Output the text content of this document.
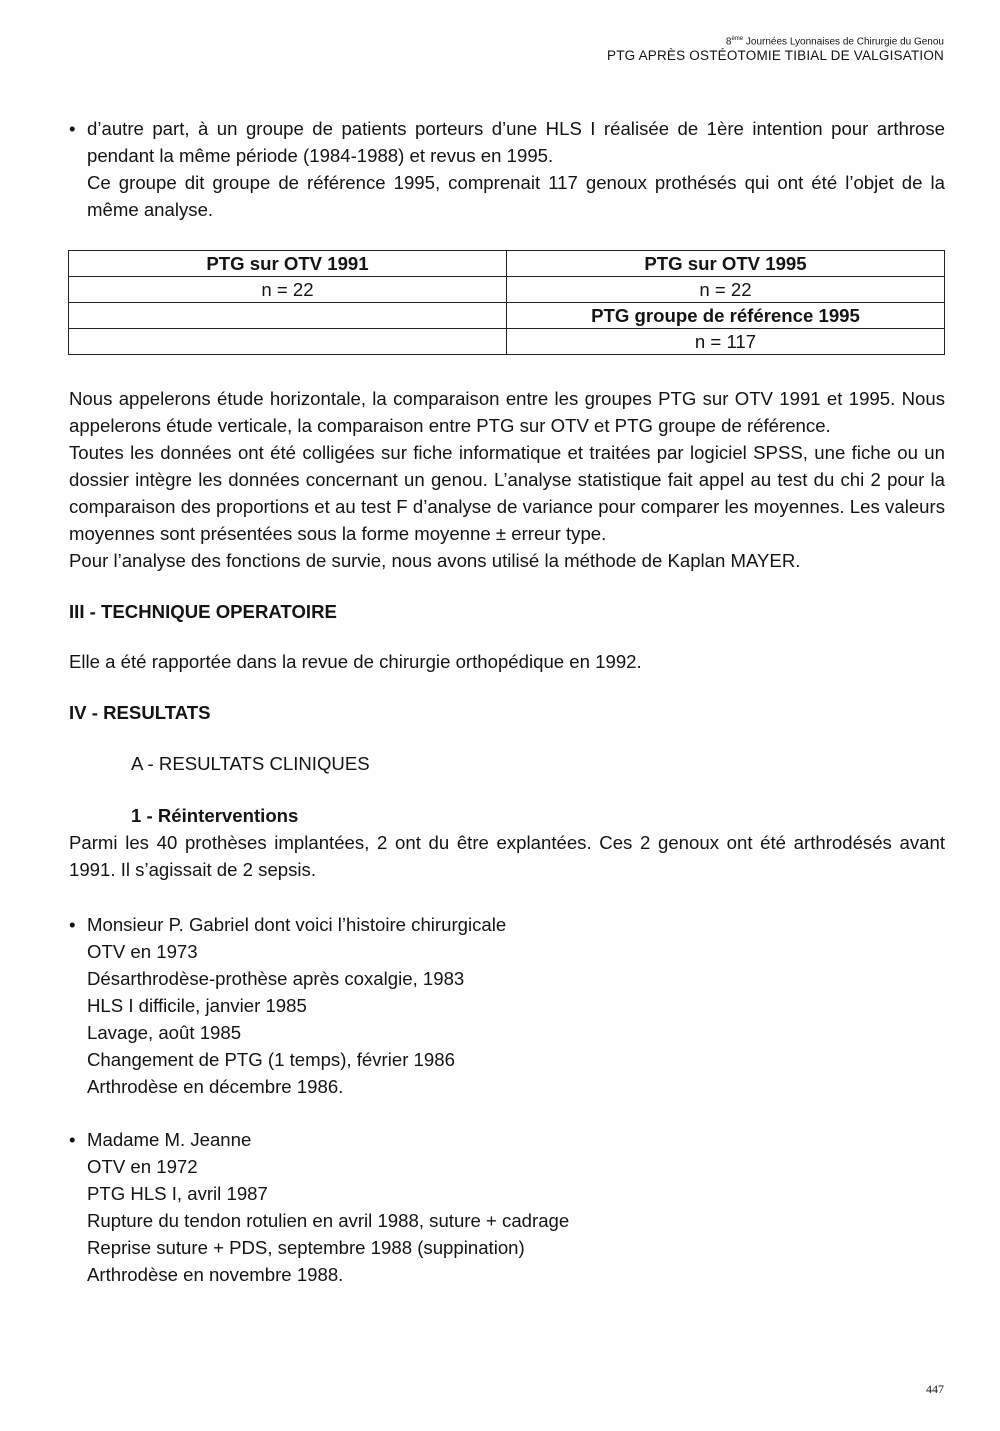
8ème Journées Lyonnaises de Chirurgie du Genou
PTG APRÈS OSTÉOTOMIE TIBIAL DE VALGISATION
• d’autre part, à un groupe de patients porteurs d’une HLS I réalisée de 1ère intention pour arthrose pendant la même période (1984-1988) et revus en 1995.
Ce groupe dit groupe de référence 1995, comprenait 117 genoux prothésés qui ont été l’objet de la même analyse.
PTG sur OTV 1991	PTG sur OTV 1995
n = 22	n = 22
	PTG groupe de référence 1995
	n = 117

Nous appelerons étude horizontale, la comparaison entre les groupes PTG sur OTV 1991 et 1995. Nous appelerons étude verticale, la comparaison entre PTG sur OTV et PTG groupe de référence.

Toutes les données ont été colligées sur fiche informatique et traitées par logiciel SPSS, une fiche ou un dossier intègre les données concernant un genou. L’analyse statistique fait appel au test du chi 2 pour la comparaison des proportions et au test F d’analyse de variance pour comparer les moyennes. Les valeurs moyennes sont présentées sous la forme moyenne ± erreur type.

Pour l’analyse des fonctions de survie, nous avons utilisé la méthode de Kaplan MAYER.

III - TECHNIQUE OPERATOIRE

Elle a été rapportée dans la revue de chirurgie orthopédique en 1992.

IV - RESULTATS
A - RESULTATS CLINIQUES
1 - Réinterventions

Parmi les 40 prothèses implantées, 2 ont du être explantées. Ces 2 genoux ont été arthrodésés avant 1991. Il s’agissait de 2 sepsis.

• Monsieur P. Gabriel dont voici l’histoire chirurgicale
OTV en 1973
Désarthrodèse-prothèse après coxalgie, 1983
HLS I difficile, janvier 1985
Lavage, août 1985
Changement de PTG (1 temps), février 1986
Arthrodèse en décembre 1986.
• Madame M. Jeanne
OTV en 1972
PTG HLS I, avril 1987
Rupture du tendon rotulien en avril 1988, suture + cadrage
Reprise suture + PDS, septembre 1988 (suppination)
Arthrodèse en novembre 1988.
447
